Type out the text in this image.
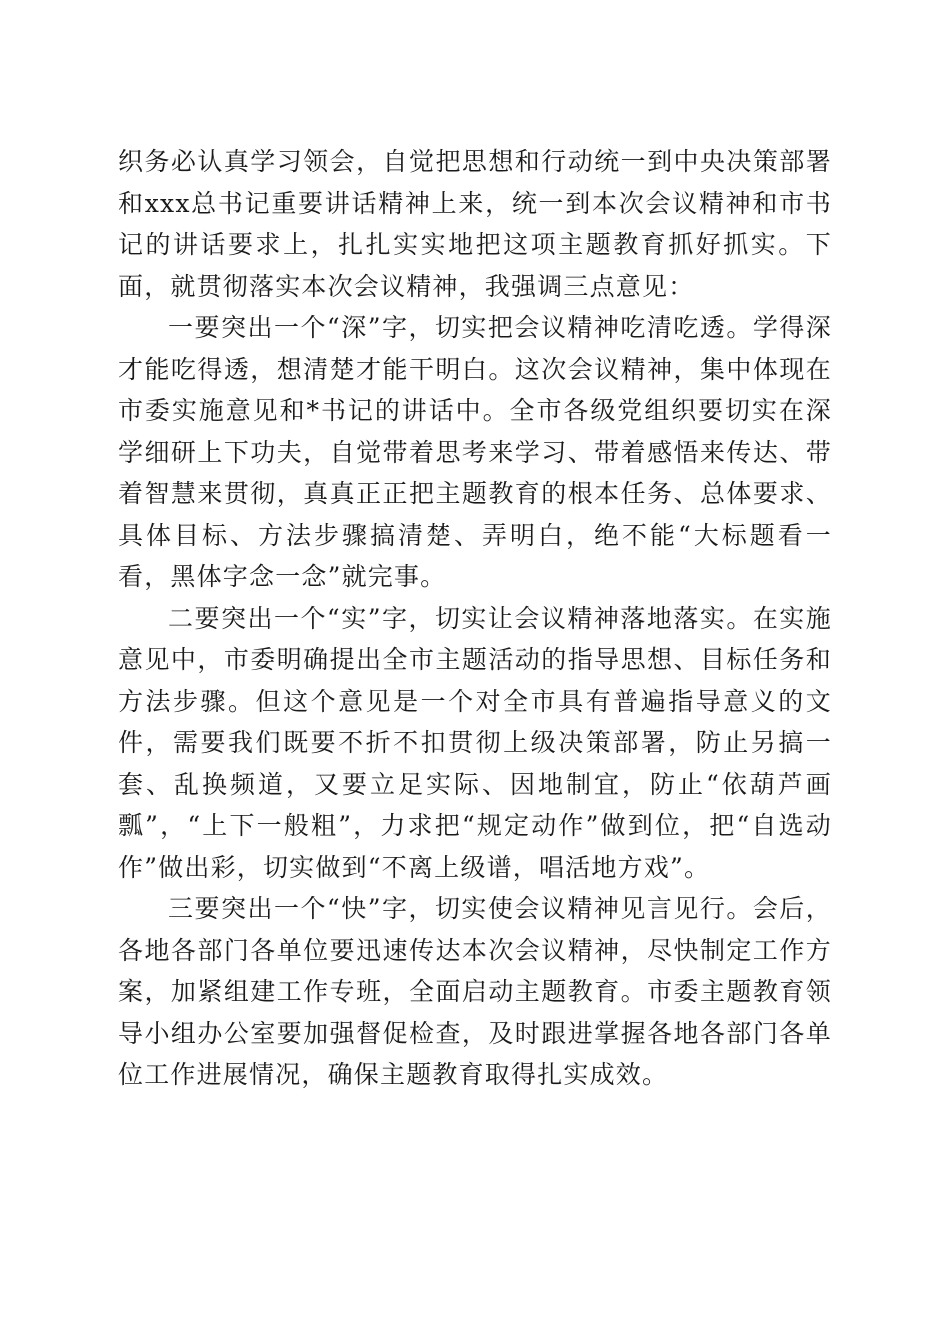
织务必认真学习领会，自觉把思想和行动统一到中央决策部署和xxx总书记重要讲话精神上来，统一到本次会议精神和市书记的讲话要求上，扎扎实实地把这项主题教育抓好抓实。下面，就贯彻落实本次会议精神，我强调三点意见：

一要突出一个“深”字，切实把会议精神吃清吃透。学得深才能吃得透，想清楚才能干明白。这次会议精神，集中体现在市委实施意见和*书记的讲话中。全市各级党组织要切实在深学细研上下功夫，自觉带着思考来学习、带着感悟来传达、带着智慧来贯彻，真真正正把主题教育的根本任务、总体要求、具体目标、方法步骤搞清楚、弄明白，绝不能“大标题看一看，黑体字念一念”就完事。

二要突出一个“实”字，切实让会议精神落地落实。在实施意见中，市委明确提出全市主题活动的指导思想、目标任务和方法步骤。但这个意见是一个对全市具有普遍指导意义的文件，需要我们既要不折不扣贯彻上级决策部署，防止另搞一套、乱换频道，又要立足实际、因地制宜，防止“依葫芦画瓢”，“上下一般粗”，力求把“规定动作”做到位，把“自选动作”做出彩，切实做到“不离上级谱，唱活地方戏”。

三要突出一个“快”字，切实使会议精神见言见行。会后，各地各部门各单位要迅速传达本次会议精神，尽快制定工作方案，加紧组建工作专班，全面启动主题教育。市委主题教育领导小组办公室要加强督促检查，及时跟进掌握各地各部门各单位工作进展情况，确保主题教育取得扎实成效。
